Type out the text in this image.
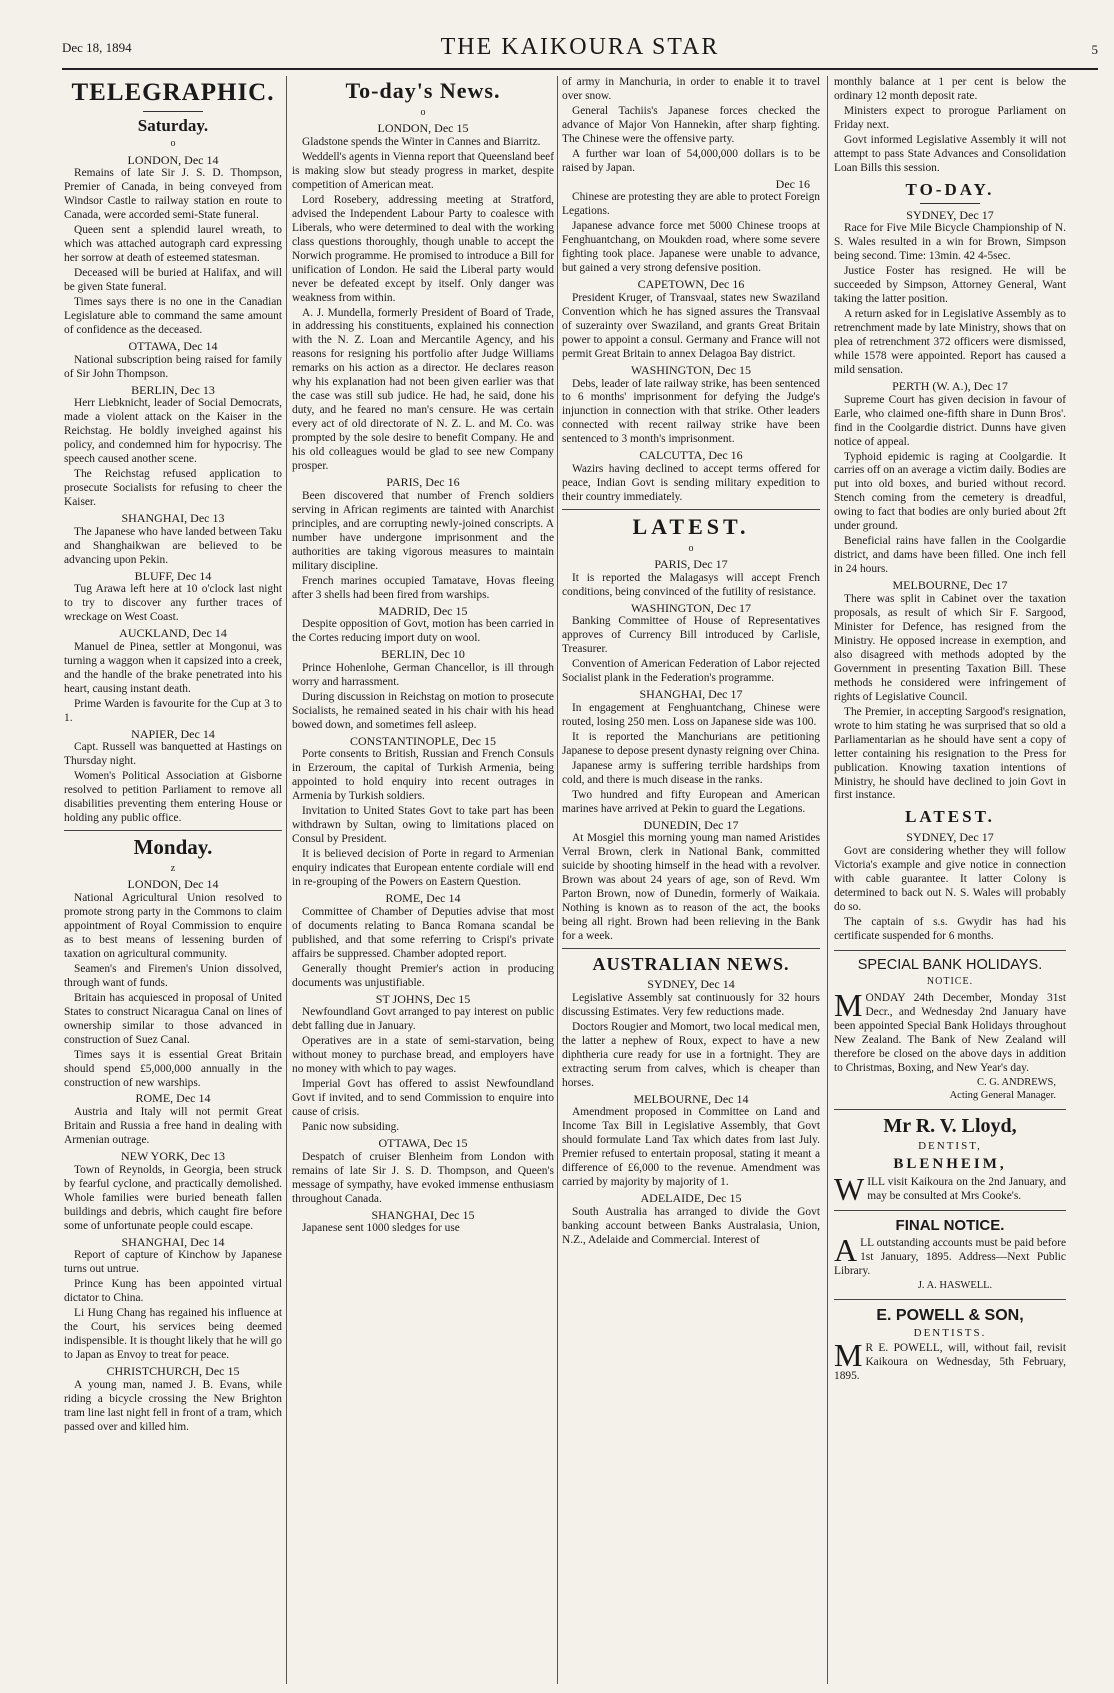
Dec 18, 1894	THE KAIKOURA STAR	5
TELEGRAPHIC.
Saturday.
o

LONDON, Dec 14

Remains of late Sir J. S. D. Thompson, Premier of Canada, in being conveyed from Windsor Castle to railway station en route to Canada, were accorded semi-State funeral.

Queen sent a splendid laurel wreath, to which was attached autograph card expressing her sorrow at death of esteemed statesman.

Deceased will be buried at Halifax, and will be given State funeral.

Times says there is no one in the Canadian Legislature able to command the same amount of confidence as the deceased.

OTTAWA, Dec 14

National subscription being raised for family of Sir John Thompson.

BERLIN, Dec 13

Herr Liebknicht, leader of Social Democrats, made a violent attack on the Kaiser in the Reichstag. He boldly inveighed against his policy, and condemned him for hypocrisy. The speech caused another scene.

The Reichstag refused application to prosecute Socialists for refusing to cheer the Kaiser.

SHANGHAI, Dec 13

The Japanese who have landed between Taku and Shanghaikwan are believed to be advancing upon Pekin.

BLUFF, Dec 14

Tug Arawa left here at 10 o'clock last night to try to discover any further traces of wreckage on West Coast.

AUCKLAND, Dec 14

Manuel de Pinea, settler at Mongonui, was turning a waggon when it capsized into a creek, and the handle of the brake penetrated into his heart, causing instant death.

Prime Warden is favourite for the Cup at 3 to 1.

NAPIER, Dec 14

Capt. Russell was banquetted at Hastings on Thursday night.

Women's Political Association at Gisborne resolved to petition Parliament to remove all disabilities preventing them entering House or holding any public office.

Monday.
z

LONDON, Dec 14

National Agricultural Union resolved to promote strong party in the Commons to claim appointment of Royal Commission to enquire as to best means of lessening burden of taxation on agricultural community.

Seamen's and Firemen's Union dissolved, through want of funds.

Britain has acquiesced in proposal of United States to construct Nicaragua Canal on lines of ownership similar to those advanced in construction of Suez Canal.

Times says it is essential Great Britain should spend £5,000,000 annually in the construction of new warships.

ROME, Dec 14

Austria and Italy will not permit Great Britain and Russia a free hand in dealing with Armenian outrage.

NEW YORK, Dec 13

Town of Reynolds, in Georgia, been struck by fearful cyclone, and practically demolished. Whole families were buried beneath fallen buildings and debris, which caught fire before some of unfortunate people could escape.

SHANGHAI, Dec 14

Report of capture of Kinchow by Japanese turns out untrue.

Prince Kung has been appointed virtual dictator to China.

Li Hung Chang has regained his influence at the Court, his services being deemed indispensible. It is thought likely that he will go to Japan as Envoy to treat for peace.

CHRISTCHURCH, Dec 15

A young man, named J. B. Evans, while riding a bicycle crossing the New Brighton tram line last night fell in front of a tram, which passed over and killed him.

To-day's News.
o

LONDON, Dec 15

Gladstone spends the Winter in Cannes and Biarritz.

Weddell's agents in Vienna report that Queensland beef is making slow but steady progress in market, despite competition of American meat.

Lord Rosebery, addressing meeting at Stratford, advised the Independent Labour Party to coalesce with Liberals, who were determined to deal with the working class questions thoroughly, though unable to accept the Norwich programme. He promised to introduce a Bill for unification of London. He said the Liberal party would never be defeated except by itself. Only danger was weakness from within.

A. J. Mundella, formerly President of Board of Trade, in addressing his constituents, explained his connection with the N. Z. Loan and Mercantile Agency, and his reasons for resigning his portfolio after Judge Williams remarks on his action as a director. He declares reason why his explanation had not been given earlier was that the case was still sub judice. He had, he said, done his duty, and he feared no man's censure. He was certain every act of old directorate of N. Z. L. and M. Co. was prompted by the sole desire to benefit Company. He and his old colleagues would be glad to see new Company prosper.

PARIS, Dec 16

Been discovered that number of French soldiers serving in African regiments are tainted with Anarchist principles, and are corrupting newly-joined conscripts. A number have undergone imprisonment and the authorities are taking vigorous measures to maintain military discipline.

French marines occupied Tamatave, Hovas fleeing after 3 shells had been fired from warships.

MADRID, Dec 15

Despite opposition of Govt, motion has been carried in the Cortes reducing import duty on wool.

BERLIN, Dec 10

Prince Hohenlohe, German Chancellor, is ill through worry and harrassment.

During discussion in Reichstag on motion to prosecute Socialists, he remained seated in his chair with his head bowed down, and sometimes fell asleep.

CONSTANTINOPLE, Dec 15

Porte consents to British, Russian and French Consuls in Erzeroum, the capital of Turkish Armenia, being appointed to hold enquiry into recent outrages in Armenia by Turkish soldiers.

Invitation to United States Govt to take part has been withdrawn by Sultan, owing to limitations placed on Consul by President.

It is believed decision of Porte in regard to Armenian enquiry indicates that European entente cordiale will end in re-grouping of the Powers on Eastern Question.

ROME, Dec 14

Committee of Chamber of Deputies advise that most of documents relating to Banca Romana scandal be published, and that some referring to Crispi's private affairs be suppressed. Chamber adopted report.

Generally thought Premier's action in producing documents was unjustifiable.

ST JOHNS, Dec 15

Newfoundland Govt arranged to pay interest on public debt falling due in January.

Operatives are in a state of semi-starvation, being without money to purchase bread, and employers have no money with which to pay wages.

Imperial Govt has offered to assist Newfoundland Govt if invited, and to send Commission to enquire into cause of crisis.

Panic now subsiding.

OTTAWA, Dec 15

Despatch of cruiser Blenheim from London with remains of late Sir J. S. D. Thompson, and Queen's message of sympathy, have evoked immense enthusiasm throughout Canada.

SHANGHAI, Dec 15

Japanese sent 1000 sledges for use

of army in Manchuria, in order to enable it to travel over snow.

General Tachiis's Japanese forces checked the advance of Major Von Hannekin, after sharp fighting. The Chinese were the offensive party.

A further war loan of 54,000,000 dollars is to be raised by Japan.

Dec 16

Chinese are protesting they are able to protect Foreign Legations.

Japanese advance force met 5000 Chinese troops at Fenghuantchang, on Moukden road, where some severe fighting took place. Japanese were unable to advance, but gained a very strong defensive position.

CAPETOWN, Dec 16

President Kruger, of Transvaal, states new Swaziland Convention which he has signed assures the Transvaal of suzerainty over Swaziland, and grants Great Britain power to appoint a consul. Germany and France will not permit Great Britain to annex Delagoa Bay district.

WASHINGTON, Dec 15

Debs, leader of late railway strike, has been sentenced to 6 months' imprisonment for defying the Judge's injunction in connection with that strike. Other leaders connected with recent railway strike have been sentenced to 3 month's imprisonment.

CALCUTTA, Dec 16

Wazirs having declined to accept terms offered for peace, Indian Govt is sending military expedition to their country immediately.

LATEST.
o

PARIS, Dec 17

It is reported the Malagasys will accept French conditions, being convinced of the futility of resistance.

WASHINGTON, Dec 17

Banking Committee of House of Representatives approves of Currency Bill introduced by Carlisle, Treasurer.

Convention of American Federation of Labor rejected Socialist plank in the Federation's programme.

SHANGHAI, Dec 17

In engagement at Fenghuantchang, Chinese were routed, losing 250 men. Loss on Japanese side was 100.

It is reported the Manchurians are petitioning Japanese to depose present dynasty reigning over China.

Japanese army is suffering terrible hardships from cold, and there is much disease in the ranks.

Two hundred and fifty European and American marines have arrived at Pekin to guard the Legations.

DUNEDIN, Dec 17

At Mosgiel this morning young man named Aristides Verral Brown, clerk in National Bank, committed suicide by shooting himself in the head with a revolver. Brown was about 24 years of age, son of Revd. Wm Parton Brown, now of Dunedin, formerly of Waikaia. Nothing is known as to reason of the act, the books being all right. Brown had been relieving in the Bank for a week.

AUSTRALIAN NEWS.

SYDNEY, Dec 14

Legislative Assembly sat continuously for 32 hours discussing Estimates. Very few reductions made.

Doctors Rougier and Momort, two local medical men, the latter a nephew of Roux, expect to have a new diphtheria cure ready for use in a fortnight. They are extracting serum from calves, which is cheaper than horses.

MELBOURNE, Dec 14

Amendment proposed in Committee on Land and Income Tax Bill in Legislative Assembly, that Govt should formulate Land Tax which dates from last July. Premier refused to entertain proposal, stating it meant a difference of £6,000 to the revenue. Amendment was carried by majority by majority of 1.

ADELAIDE, Dec 15

South Australia has arranged to divide the Govt banking account between Banks Australasia, Union, N.Z., Adelaide and Commercial. Interest of

monthly balance at 1 per cent is below the ordinary 12 month deposit rate.

Ministers expect to prorogue Parliament on Friday next.

Govt informed Legislative Assembly it will not attempt to pass State Advances and Consolidation Loan Bills this session.

TO-DAY.

SYDNEY, Dec 17

Race for Five Mile Bicycle Championship of N. S. Wales resulted in a win for Brown, Simpson being second. Time: 13min. 42 4-5sec.

Justice Foster has resigned. He will be succeeded by Simpson, Attorney General, Want taking the latter position.

A return asked for in Legislative Assembly as to retrenchment made by late Ministry, shows that on plea of retrenchment 372 officers were dismissed, while 1578 were appointed. Report has caused a mild sensation.

PERTH (W. A.), Dec 17

Supreme Court has given decision in favour of Earle, who claimed one-fifth share in Dunn Bros'. find in the Coolgardie district. Dunns have given notice of appeal.

Typhoid epidemic is raging at Coolgardie. It carries off on an average a victim daily. Bodies are put into old boxes, and buried without record. Stench coming from the cemetery is dreadful, owing to fact that bodies are only buried about 2ft under ground.

Beneficial rains have fallen in the Coolgardie district, and dams have been filled. One inch fell in 24 hours.

MELBOURNE, Dec 17

There was split in Cabinet over the taxation proposals, as result of which Sir F. Sargood, Minister for Defence, has resigned from the Ministry. He opposed increase in exemption, and also disagreed with methods adopted by the Government in presenting Taxation Bill. These methods he considered were infringement of rights of Legislative Council.

The Premier, in accepting Sargood's resignation, wrote to him stating he was surprised that so old a Parliamentarian as he should have sent a copy of letter containing his resignation to the Press for publication. Knowing taxation intentions of Ministry, he should have declined to join Govt in first instance.

LATEST.

SYDNEY, Dec 17

Govt are considering whether they will follow Victoria's example and give notice in connection with cable guarantee. It latter Colony is determined to back out N. S. Wales will probably do so.

The captain of s.s. Gwydir has had his certificate suspended for 6 months.

SPECIAL BANK HOLIDAYS.
NOTICE.

MONDAY 24th December, Monday 31st Decr., and Wednesday 2nd January have been appointed Special Bank Holidays throughout New Zealand. The Bank of New Zealand will therefore be closed on the above days in addition to Christmas, Boxing, and New Year's day.

C. G. ANDREWS,

Acting General Manager.

Mr R. V. Lloyd,
DENTIST,
BLENHEIM,

WILL visit Kaikoura on the 2nd January, and may be consulted at Mrs Cooke's.

FINAL NOTICE.

ALL outstanding accounts must be paid before 1st January, 1895. Address—Next Public Library.

J. A. HASWELL.

E. POWELL & SON,
DENTISTS.

M R E. POWELL, will, without fail, revisit Kaikoura on Wednesday, 5th February, 1895.
